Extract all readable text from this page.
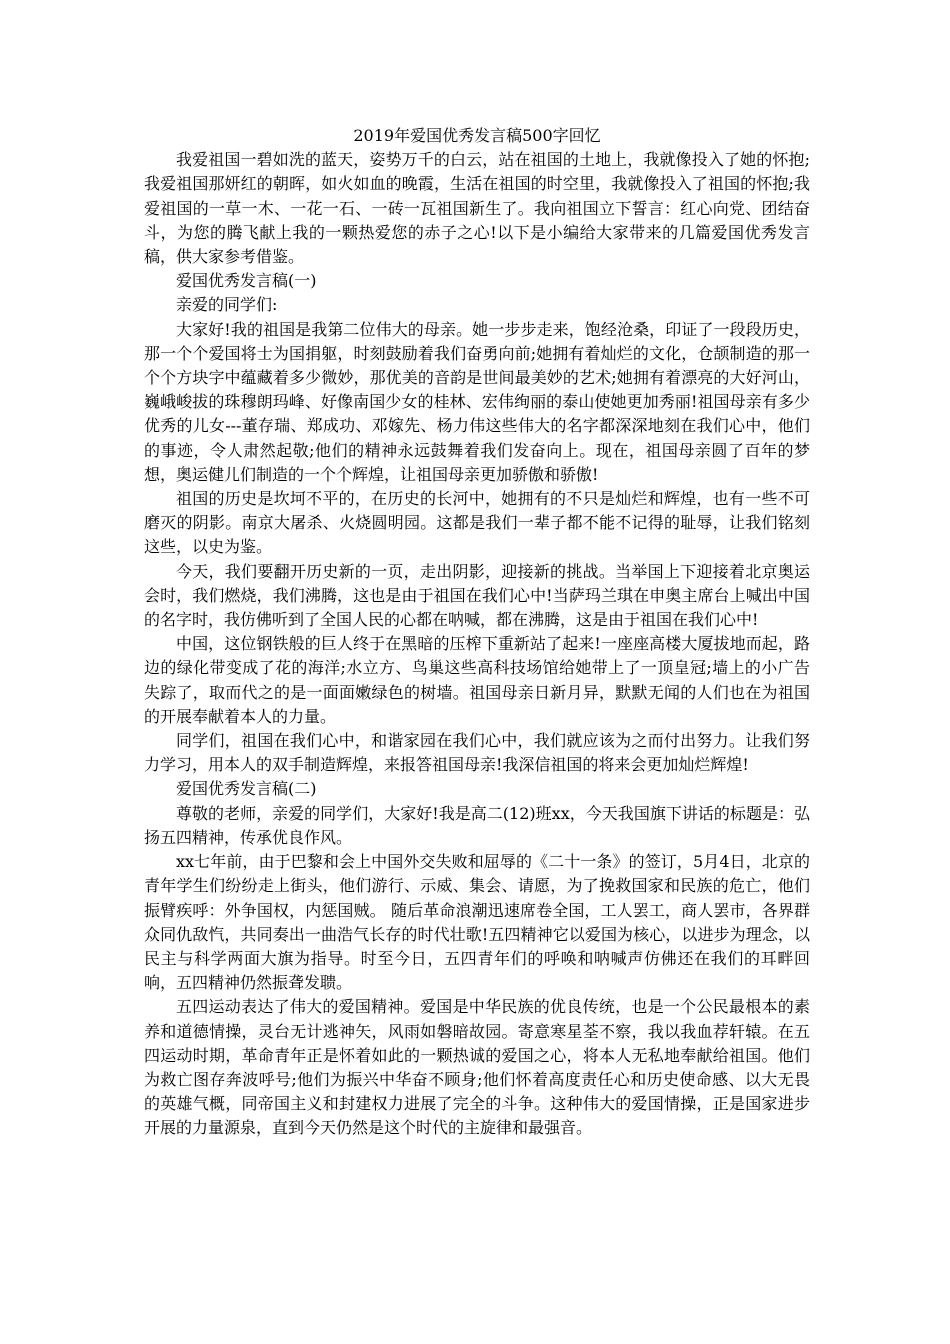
2019年爱国优秀发言稿500字回忆

我爱祖国一碧如洗的蓝天，姿势万千的白云，站在祖国的土地上，我就像投入了她的怀抱;我爱祖国那妍红的朝晖，如火如血的晚霞，生活在祖国的时空里，我就像投入了祖国的怀抱;我爱祖国的一草一木、一花一石、一砖一瓦祖国新生了。我向祖国立下誓言：红心向党、团结奋斗，为您的腾飞献上我的一颗热爱您的赤子之心!以下是小编给大家带来的几篇爱国优秀发言稿，供大家参考借鉴。

爱国优秀发言稿(一)

亲爱的同学们:

大家好!我的祖国是我第二位伟大的母亲。她一步步走来，饱经沧桑，印证了一段段历史，那一个个爱国将士为国捐躯，时刻鼓励着我们奋勇向前;她拥有着灿烂的文化，仓颉制造的那一个个方块字中蕴藏着多少微妙，那优美的音韵是世间最美妙的艺术;她拥有着漂亮的大好河山，巍峨峻拔的珠穆朗玛峰、好像南国少女的桂林、宏伟绚丽的泰山使她更加秀丽!祖国母亲有多少优秀的儿女---董存瑞、郑成功、邓嫁先、杨力伟这些伟大的名字都深深地刻在我们心中，他们的事迹，令人肃然起敬;他们的精神永远鼓舞着我们发奋向上。现在，祖国母亲圆了百年的梦想，奥运健儿们制造的一个个辉煌，让祖国母亲更加骄傲和骄傲!

祖国的历史是坎坷不平的，在历史的长河中，她拥有的不只是灿烂和辉煌，也有一些不可磨灭的阴影。南京大屠杀、火烧圆明园。这都是我们一辈子都不能不记得的耻辱，让我们铭刻这些，以史为鉴。

今天，我们要翻开历史新的一页，走出阴影，迎接新的挑战。当举国上下迎接着北京奥运会时，我们燃烧，我们沸腾，这也是由于祖国在我们心中!当萨玛兰琪在申奥主席台上喊出中国的名字时，我仿佛听到了全国人民的心都在呐喊，都在沸腾，这是由于祖国在我们心中!

中国，这位钢铁般的巨人终于在黑暗的压榨下重新站了起来!一座座高楼大厦拔地而起，路边的绿化带变成了花的海洋;水立方、鸟巢这些高科技场馆给她带上了一顶皇冠;墙上的小广告失踪了，取而代之的是一面面嫩绿色的树墙。祖国母亲日新月异，默默无闻的人们也在为祖国的开展奉献着本人的力量。

同学们，祖国在我们心中，和谐家园在我们心中，我们就应该为之而付出努力。让我们努力学习，用本人的双手制造辉煌，来报答祖国母亲!我深信祖国的将来会更加灿烂辉煌!

爱国优秀发言稿(二)

尊敬的老师，亲爱的同学们，大家好!我是高二(12)班xx，今天我国旗下讲话的标题是：弘扬五四精神，传承优良作风。

xx七年前，由于巴黎和会上中国外交失败和屈辱的《二十一条》的签订，5月4日，北京的青年学生们纷纷走上街头，他们游行、示威、集会、请愿，为了挽救国家和民族的危亡，他们振臂疾呼：外争国权，内惩国贼。 随后革命浪潮迅速席卷全国，工人罢工，商人罢市，各界群众同仇敌忾，共同奏出一曲浩气长存的时代壮歌!五四精神它以爱国为核心，以进步为理念，以民主与科学两面大旗为指导。时至今日，五四青年们的呼唤和呐喊声仿佛还在我们的耳畔回响，五四精神仍然振聋发聩。

五四运动表达了伟大的爱国精神。爱国是中华民族的优良传统，也是一个公民最根本的素养和道德情操，灵台无计逃神矢，风雨如磐暗故园。寄意寒星荃不察，我以我血荐轩辕。在五四运动时期，革命青年正是怀着如此的一颗热诚的爱国之心，将本人无私地奉献给祖国。他们为救亡图存奔波呼号;他们为振兴中华奋不顾身;他们怀着高度责任心和历史使命感、以大无畏的英雄气概，同帝国主义和封建权力进展了完全的斗争。这种伟大的爱国情操，正是国家进步开展的力量源泉，直到今天仍然是这个时代的主旋律和最强音。
